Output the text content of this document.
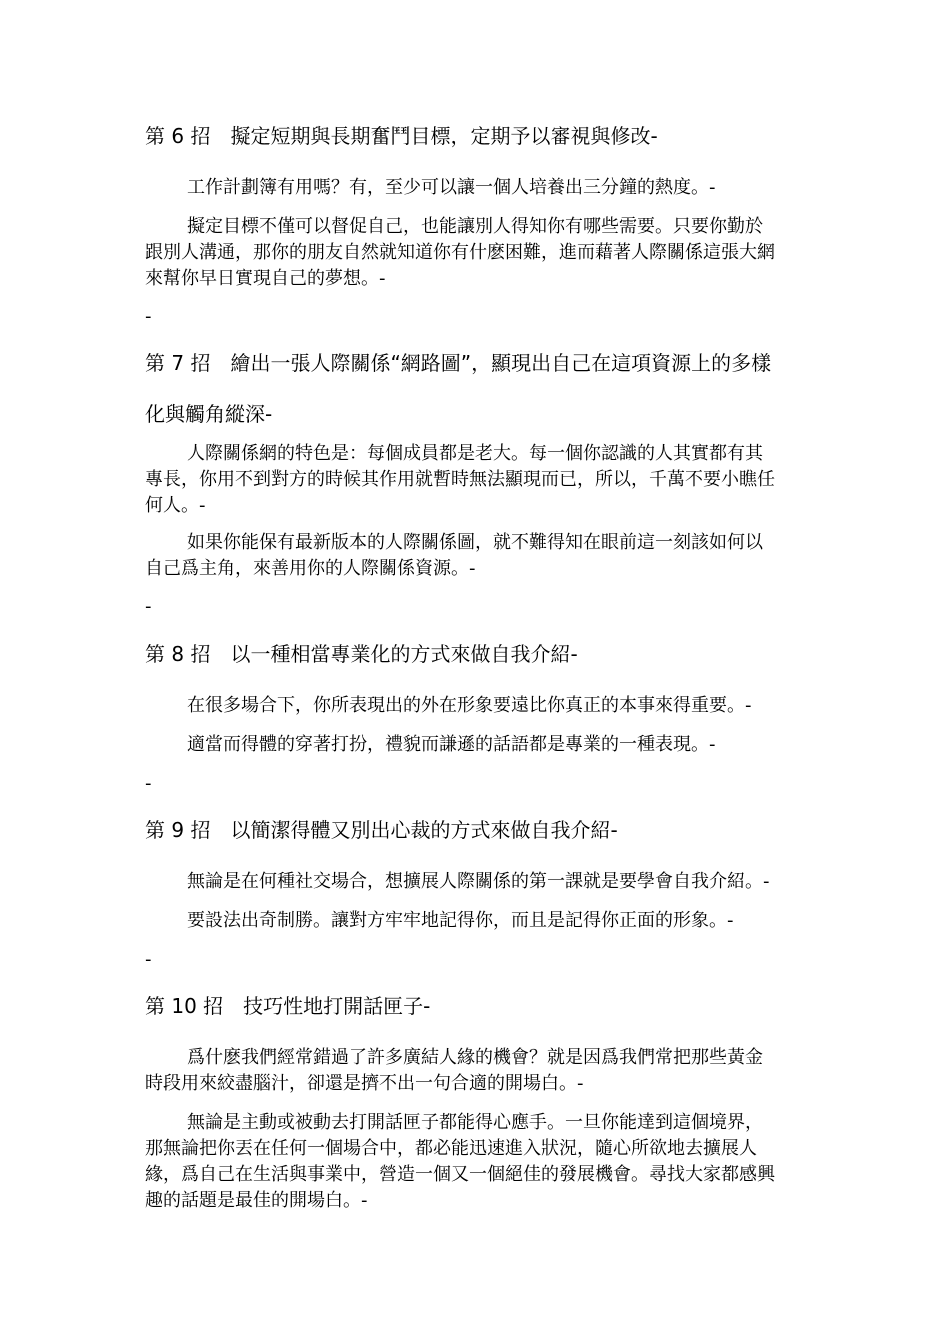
第 6 招　擬定短期與長期奮鬥目標，定期予以審視與修改-
工作計劃簿有用嗎？有，至少可以讓一個人培養出三分鐘的熱度。-
擬定目標不僅可以督促自己，也能讓別人得知你有哪些需要。只要你勤於
跟別人溝通，那你的朋友自然就知道你有什麽困難，進而藉著人際關係這張大網
來幫你早日實現自己的夢想。-
-
第 7 招　繪出一張人際關係“網路圖”，顯現出自己在這項資源上的多樣
化與觸角縱深-
人際關係網的特色是：每個成員都是老大。每一個你認識的人其實都有其
專長，你用不到對方的時候其作用就暫時無法顯現而已，所以，千萬不要小瞧任
何人。-
如果你能保有最新版本的人際關係圖，就不難得知在眼前這一刻該如何以
自己爲主角，來善用你的人際關係資源。-
-
第 8 招　以一種相當專業化的方式來做自我介紹-
在很多場合下，你所表現出的外在形象要遠比你真正的本事來得重要。-
適當而得體的穿著打扮，禮貌而謙遜的話語都是專業的一種表現。-
-
第 9 招　以簡潔得體又別出心裁的方式來做自我介紹-
無論是在何種社交場合，想擴展人際關係的第一課就是要學會自我介紹。-
要設法出奇制勝。讓對方牢牢地記得你，而且是記得你正面的形象。-
-
第 10 招　技巧性地打開話匣子-
爲什麽我們經常錯過了許多廣結人緣的機會？就是因爲我們常把那些黃金
時段用來絞盡腦汁，卻還是擠不出一句合適的開場白。-
無論是主動或被動去打開話匣子都能得心應手。一旦你能達到這個境界，
那無論把你丟在任何一個場合中，都必能迅速進入狀況，隨心所欲地去擴展人
緣，爲自己在生活與事業中，營造一個又一個絕佳的發展機會。尋找大家都感興
趣的話題是最佳的開場白。-
